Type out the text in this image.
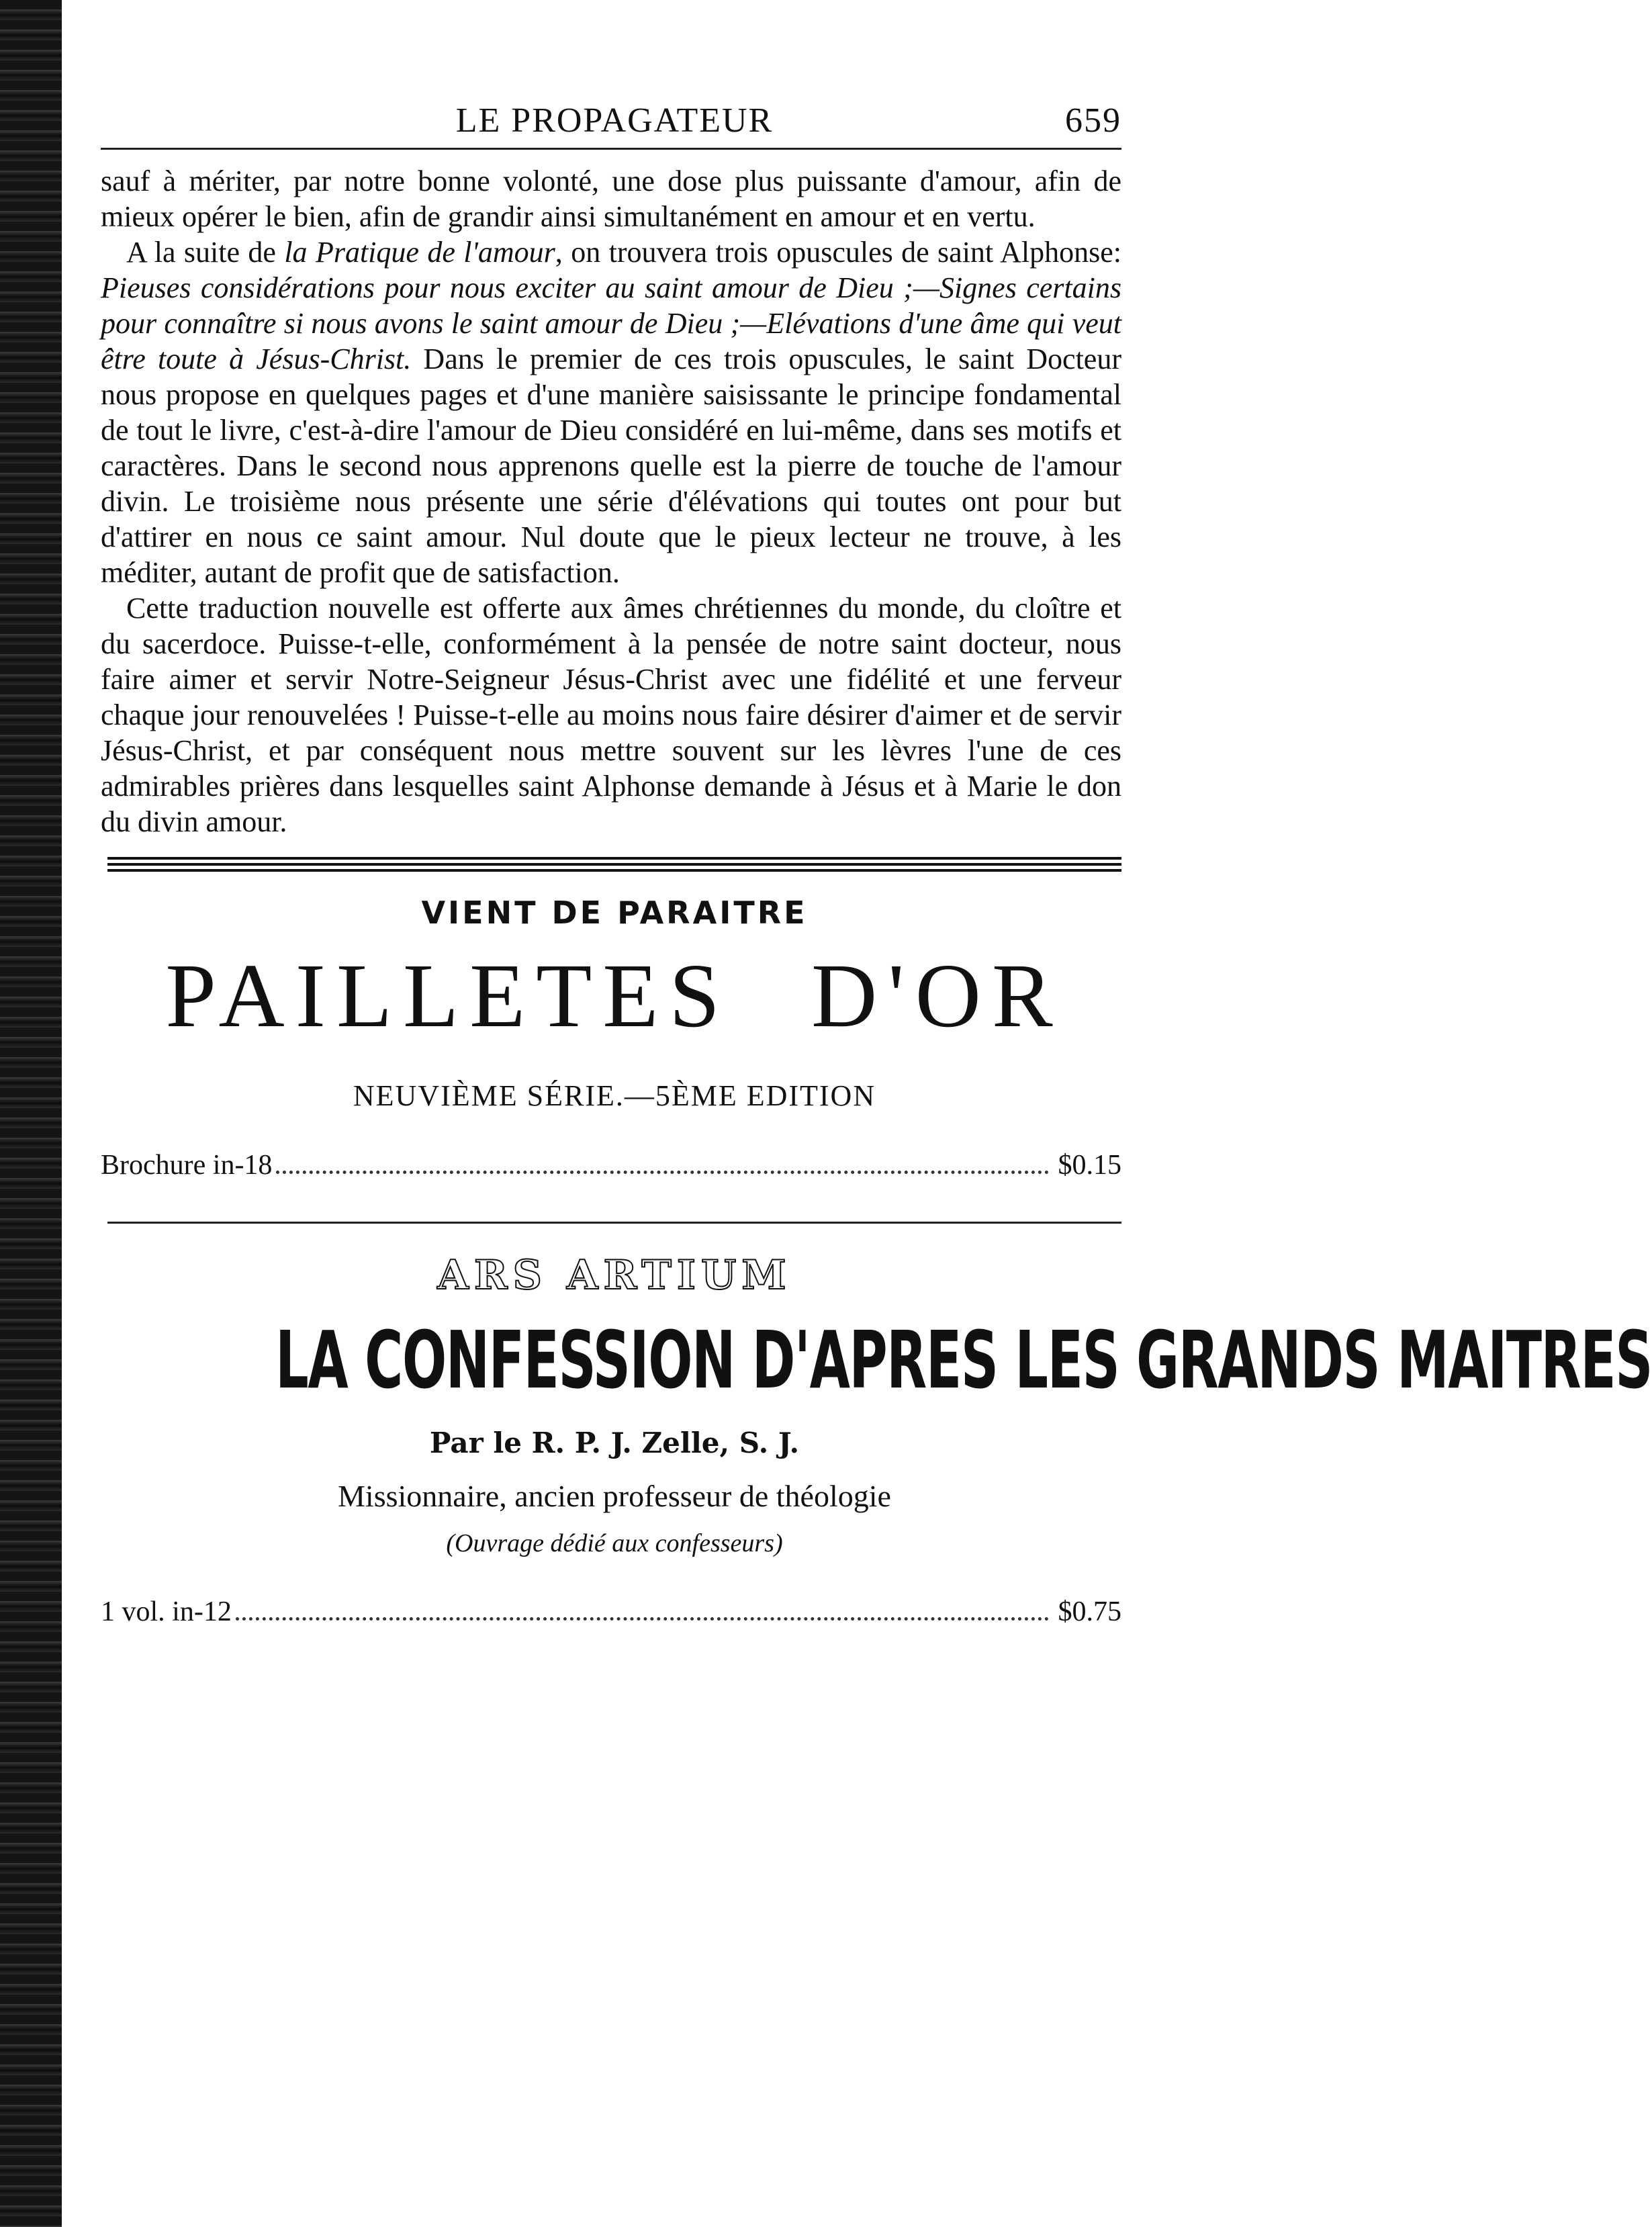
LE PROPAGATEUR	659

sauf à mériter, par notre bonne volonté, une dose plus puissante d'amour, afin de mieux opérer le bien, afin de grandir ainsi simultanément en amour et en vertu.

A la suite de la Pratique de l'amour, on trouvera trois opuscules de saint Alphonse: Pieuses considérations pour nous exciter au saint amour de Dieu ;—Signes certains pour connaître si nous avons le saint amour de Dieu ;—Elévations d'une âme qui veut être toute à Jésus-Christ. Dans le premier de ces trois opuscules, le saint Docteur nous propose en quelques pages et d'une manière saisissante le principe fondamental de tout le livre, c'est-à-dire l'amour de Dieu considéré en lui-même, dans ses motifs et caractères. Dans le second nous apprenons quelle est la pierre de touche de l'amour divin. Le troisième nous présente une série d'élévations qui toutes ont pour but d'attirer en nous ce saint amour. Nul doute que le pieux lecteur ne trouve, à les méditer, autant de profit que de satisfaction.

Cette traduction nouvelle est offerte aux âmes chrétiennes du monde, du cloître et du sacerdoce. Puisse-t-elle, conformément à la pensée de notre saint docteur, nous faire aimer et servir Notre-Seigneur Jésus-Christ avec une fidélité et une ferveur chaque jour renouvelées ! Puisse-t-elle au moins nous faire désirer d'aimer et de servir Jésus-Christ, et par conséquent nous mettre souvent sur les lèvres l'une de ces admirables prières dans lesquelles saint Alphonse demande à Jésus et à Marie le don du divin amour.

VIENT DE PARAITRE
PAILLETES D'OR
NEUVIÈME SÉRIE.—5ÈME EDITION
Brochure in-18	$0.15
ARS ARTIUM
LA CONFESSION D'APRES LES GRANDS MAITRES
Par le R. P. J. Zelle, S. J.
Missionnaire, ancien professeur de théologie
(Ouvrage dédié aux confesseurs)
1 vol. in-12	$0.75
